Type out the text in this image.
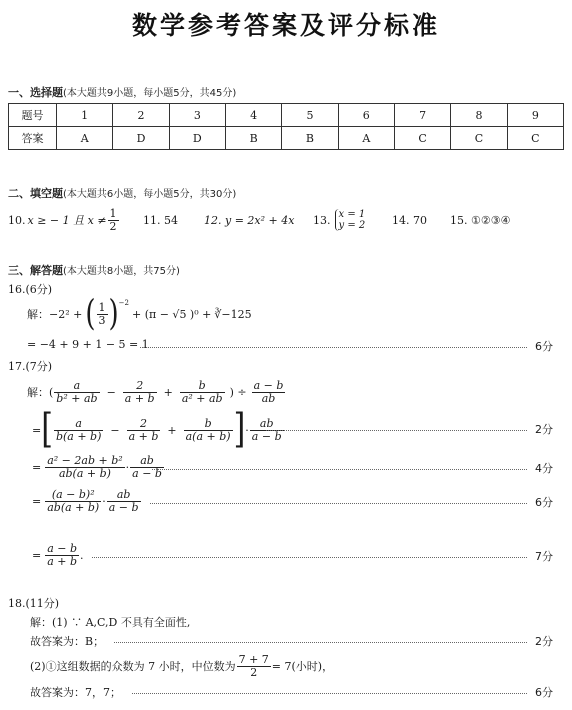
数学参考答案及评分标准
一、选择题(本大题共9小题，每小题5分，共45分)
题号	1	2	3	4	5	6	7	8	9
答案	A	D	D	B	B	A	C	C	C
二、填空题(本大题共6小题，每小题5分，共30分)
10. x ≥ − 1 且 $x \ne \frac{1}{2} 11$. 54 12. y = 2x² + 4x 13. x = 1
y = 2 14. 70 15. ①②③④
三、解答题(本大题共8小题，共75分)
16.(6分)
解：−2² + ( $\frac{1}{3} )^{-2}$
+ (π − √5 )⁰ + ∛−125
= −4 + 9 + 1 − 5 = 1	6分
17.(7分)
解：( $\frac{a}{\text{b² + ab}} - \frac{2}{a + b} + \frac{b}{\text{a² + ab}}$ ) ÷ $\frac{a - b}{ab}$
= [ $\frac{a}{b(a + b)} - \frac{2}{a + b} + \frac{b}{a(a + b)}$ ] · $\frac{ab}{a - b}$	2分
= $\frac{\text{a² − 2ab + b²}}{ab(a + b)} \cdot \frac{ab}{a - b}$	4分
= $\frac{\text{(a − b)²}}{ab(a + b)} \cdot \frac{ab}{a - b}$	6分
= $\frac{a - b}{a + b}$ .	7分
18.(11分)
解：(1) ∵ A,C,D 不具有全面性,
故答案为：B；	2分
(2)①这组数据的众数为 7 小时，中位数为 $\frac{7 + 7}{2} = 7$(小时)，
故答案为：7，7；	6分
